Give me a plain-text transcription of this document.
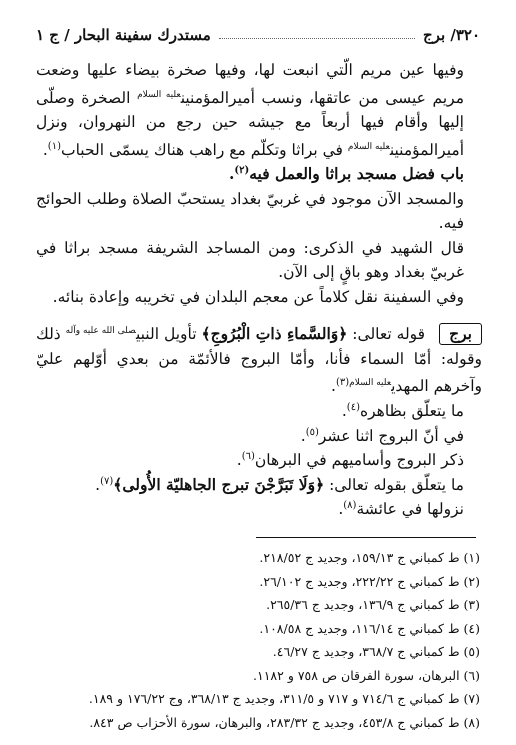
٣٢٠
/ برج
مستدرك سفينة البحار / ج ١

وفيها عين مريم الّتي انبعت لها، وفيها صخرة بيضاء عليها وضعت مريم عيسى من عاتقها، ونسب أميرالمؤمنين$^{عليه السلام}$ الصخرة وصلّى إليها وأقام فيها أربعاً مع جيشه حين رجع من النهروان، ونزل أميرالمؤمنين$^{عليه السلام}$ في براثا وتكلّم مع راهب هناك يسمّى الحباب$^{(١)}$.

باب فضل مسجد براثا والعمل فيه$^{(٢)}$.

والمسجد الآن موجود في غربيّ بغداد يستحبّ الصلاة وطلب الحوائج فيه.

قال الشهيد في الذكرى: ومن المساجد الشريفة مسجد براثا في غربيّ بغداد وهو باقٍ إلى الآن.

وفي السفينة نقل كلاماً عن معجم البلدان في تخريبه وإعادة بنائه.

برجقوله تعالى: ﴿وَالسَّماءِ ذاتِ الْبُرُوجِ﴾ تأويل النبي$^{صلى الله عليه وآله}$ ذلك وقوله: أمّا السماء فأنا، وأمّا البروج فالأئمّة من بعدي أوّلهم عليّ وآخرهم المهدي$^{عليه السلام(٣)}$.

ما يتعلّق بظاهره$^{(٤)}$.

في أنّ البروج اثنا عشر$^{(٥)}$.

ذكر البروج وأساميهم في البرهان$^{(٦)}$.

ما يتعلّق بقوله تعالى: ﴿وَلَا تَبَرَّجْنَ تبرج الجاهليّة الأُولى﴾$^{(٧)}$.

نزولها في عائشة$^{(٨)}$.

(١) ط كمباني ج ١٥٩/١٣، وجديد ج ٢١٨/٥٢.
(٢) ط كمباني ج ٢٢٢/٢٢، وجديد ج ٢٦/١٠٢.
(٣) ط كمباني ج ١٣٦/٩، وجديد ج ٢٦٥/٣٦.
(٤) ط كمباني ج ١١٦/١٤، وجديد ج ١٠٨/٥٨.
(٥) ط كمباني ج ٣٦٨/٧، وجديد ج ٤٦/٢٧.
(٦) البرهان، سورة الفرقان ص ٧٥٨ و ١١٨٢.
(٧) ط كمباني ج ٧١٤/٦ و ٧١٧ و ٣١١/٥، وجديد ج ٣٦٨/١٣، وج ١٧٦/٢٢ و ١٨٩.
(٨) ط كمباني ج ٤٥٣/٨، وجديد ج ٢٨٣/٣٢، والبرهان، سورة الأحزاب ص ٨٤٣.
